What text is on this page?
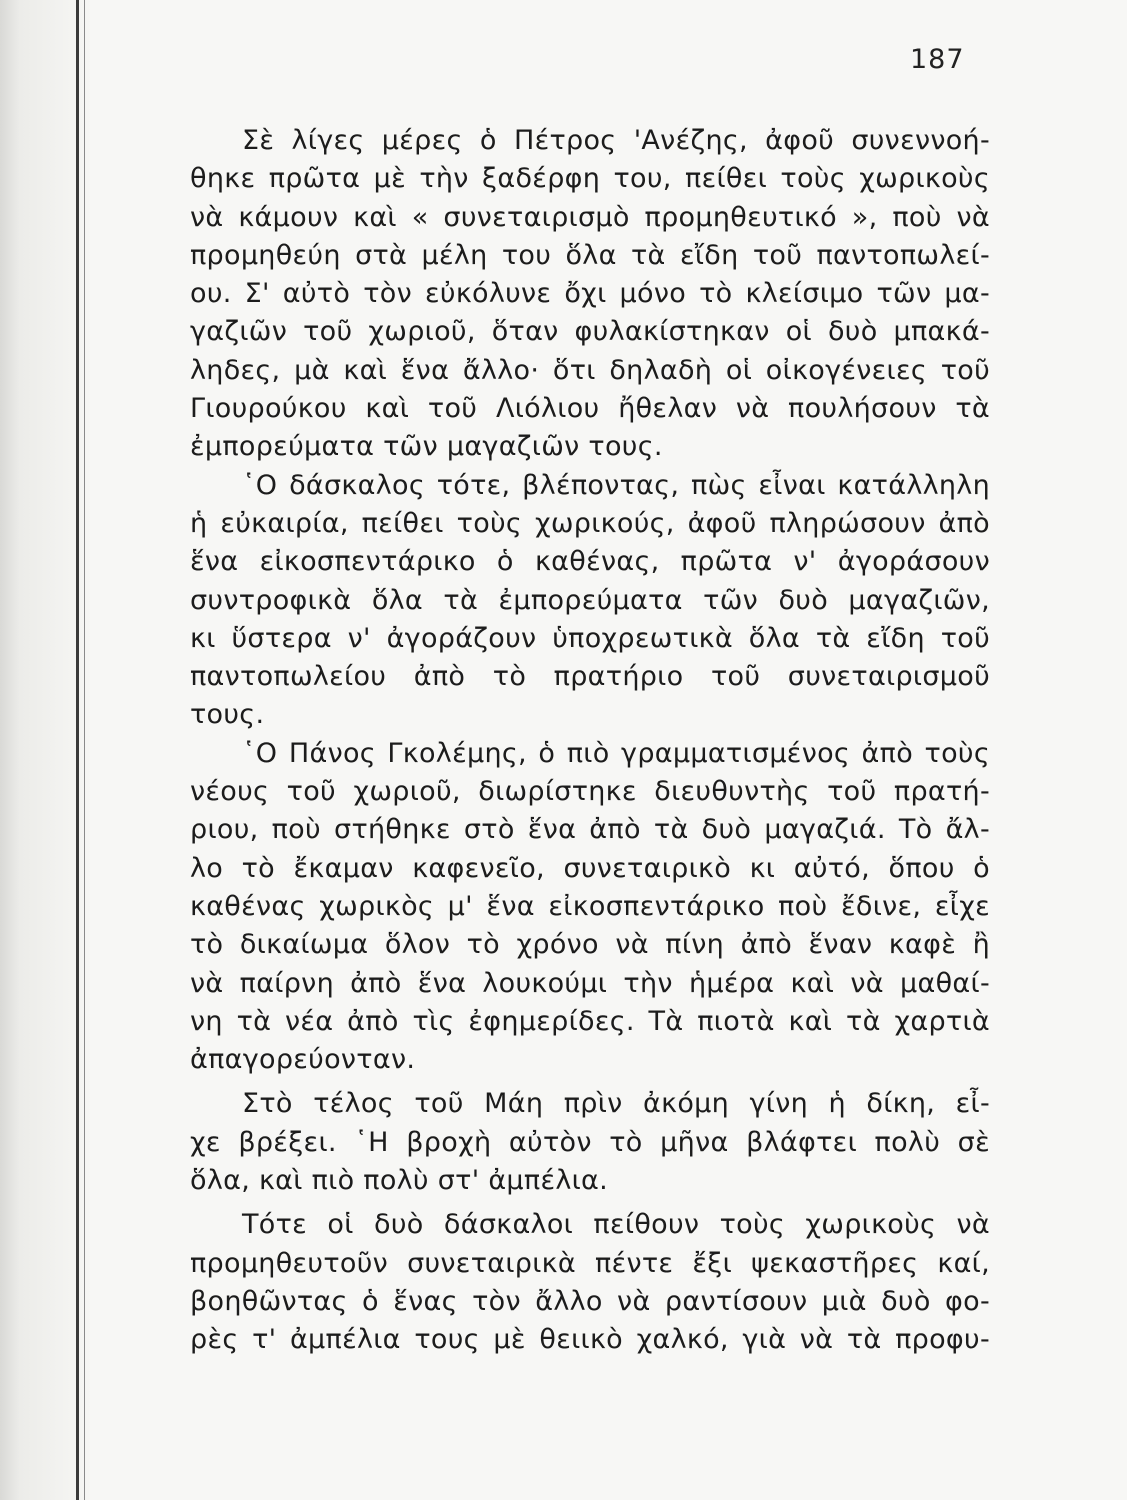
187
Σὲ λίγες μέρες ὁ Πέτρος 'Ανέζης, ἀφοῦ συνεννοή-
θηκε πρῶτα μὲ τὴν ξαδέρφη του, πείθει τοὺς χωρικοὺς
νὰ κάμουν καὶ « συνεταιρισμὸ προμηθευτικό », ποὺ νὰ
προμηθεύη στὰ μέλη του ὅλα τὰ εἴδη τοῦ παντοπωλεί-
ου. Σ' αὐτὸ τὸν εὐκόλυνε ὄχι μόνο τὸ κλείσιμο τῶν μα-
γαζιῶν τοῦ χωριοῦ, ὅταν φυλακίστηκαν οἱ δυὸ μπακά-
ληδες, μὰ καὶ ἕνα ἄλλο· ὅτι δηλαδὴ οἱ οἰκογένειες τοῦ
Γιουρούκου καὶ τοῦ Λιόλιου ἤθελαν νὰ πουλήσουν τὰ
ἐμπορεύματα τῶν μαγαζιῶν τους.
῾Ο δάσκαλος τότε, βλέποντας, πὼς εἶναι κατάλληλη
ἡ εὐκαιρία, πείθει τοὺς χωρικούς, ἀφοῦ πληρώσουν ἀπὸ
ἕνα εἰκοσπεντάρικο ὁ καθένας, πρῶτα ν' ἀγοράσουν
συντροφικὰ ὅλα τὰ ἐμπορεύματα τῶν δυὸ μαγαζιῶν,
κι ὕστερα ν' ἀγοράζουν ὑποχρεωτικὰ ὅλα τὰ εἴδη τοῦ
παντοπωλείου ἀπὸ τὸ πρατήριο τοῦ συνεταιρισμοῦ
τους.
῾Ο Πάνος Γκολέμης, ὁ πιὸ γραμματισμένος ἀπὸ τοὺς
νέους τοῦ χωριοῦ, διωρίστηκε διευθυντὴς τοῦ πρατή-
ριου, ποὺ στήθηκε στὸ ἕνα ἀπὸ τὰ δυὸ μαγαζιά. Τὸ ἄλ-
λο τὸ ἔκαμαν καφενεῖο, συνεταιρικὸ κι αὐτό, ὅπου ὁ
καθένας χωρικὸς μ' ἕνα εἰκοσπεντάρικο ποὺ ἔδινε, εἶχε
τὸ δικαίωμα ὅλον τὸ χρόνο νὰ πίνη ἀπὸ ἕναν καφὲ ἢ
νὰ παίρνη ἀπὸ ἕνα λουκούμι τὴν ἡμέρα καὶ νὰ μαθαί-
νη τὰ νέα ἀπὸ τὶς ἐφημερίδες. Τὰ πιοτὰ καὶ τὰ χαρτιὰ
ἀπαγορεύονταν.
Στὸ τέλος τοῦ Μάη πρὶν ἀκόμη γίνη ἡ δίκη, εἶ-
χε βρέξει. ῾Η βροχὴ αὐτὸν τὸ μῆνα βλάφτει πολὺ σὲ
ὅλα, καὶ πιὸ πολὺ στ' ἀμπέλια.
Τότε οἱ δυὸ δάσκαλοι πείθουν τοὺς χωρικοὺς νὰ
προμηθευτοῦν συνεταιρικὰ πέντε ἔξι ψεκαστῆρες καί,
βοηθῶντας ὁ ἕνας τὸν ἄλλο νὰ ραντίσουν μιὰ δυὸ φο-
ρὲς τ' ἀμπέλια τους μὲ θειικὸ χαλκό, γιὰ νὰ τὰ προφυ-
